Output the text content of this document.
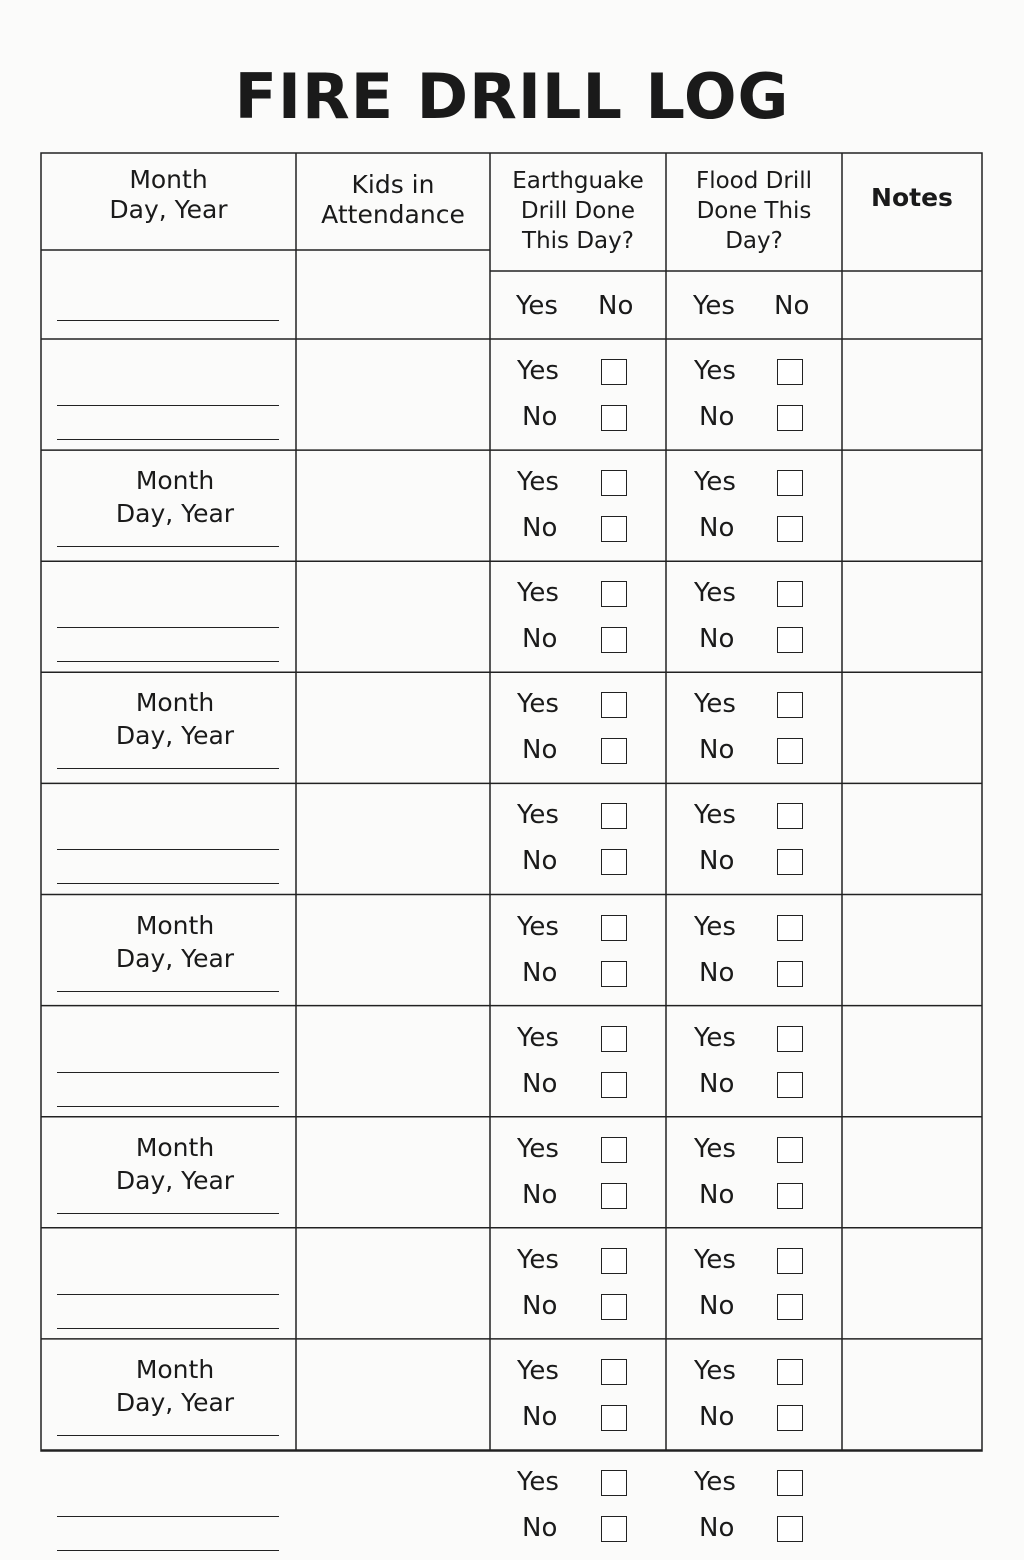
FIRE DRILL LOG
Month
Day, Year
Kids in
Attendance
Earthguake
Drill Done
This Day?
Flood Drill
Done This
Day?
Notes
Yes No Yes No
Yes
No
Yes
No
Month
Day, Year
Yes
No
Yes
No
Yes
No
Yes
No
Month
Day, Year
Yes
No
Yes
No
Yes
No
Yes
No
Month
Day, Year
Yes
No
Yes
No
Yes
No
Yes
No
Month
Day, Year
Yes
No
Yes
No
Yes
No
Yes
No
Month
Day, Year
Yes
No
Yes
No
Yes
No
Yes
No
